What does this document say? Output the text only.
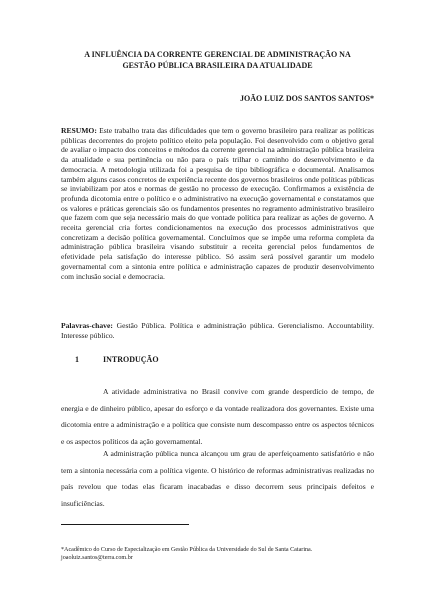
A INFLUÊNCIA DA CORRENTE GERENCIAL DE ADMINISTRAÇÃO NA
GESTÃO PÚBLICA BRASILEIRA DA ATUALIDADE
JOÃO LUIZ DOS SANTOS SANTOS*
RESUMO: Este trabalho trata das dificuldades que tem o governo brasileiro para realizar as políticas públicas decorrentes do projeto político eleito pela população. Foi desenvolvido com o objetivo geral de avaliar o impacto dos conceitos e métodos da corrente gerencial na administração pública brasileira da atualidade e sua pertinência ou não para o país trilhar o caminho do desenvolvimento e da democracia. A metodologia utilizada foi a pesquisa de tipo bibliográfica e documental. Analisamos também alguns casos concretos de experiência recente dos governos brasileiros onde políticas públicas se inviabilizam por atos e normas de gestão no processo de execução. Confirmamos a existência de profunda dicotomia entre o político e o administrativo na execução governamental e constatamos que os valores e práticas gerenciais são os fundamentos presentes no regramento administrativo brasileiro que fazem com que seja necessário mais do que vontade política para realizar as ações de governo. A receita gerencial cria fortes condicionamentos na execução dos processos administrativos que concretizam a decisão política governamental. Concluímos que se impõe uma reforma completa da administração pública brasileira visando substituir a receita gerencial pelos fundamentos de efetividade pela satisfação do interesse público. Só assim será possível garantir um modelo governamental com a sintonia entre política e administração capazes de produzir desenvolvimento com inclusão social e democracia.
Palavras-chave: Gestão Pública. Política e administração pública. Gerencialismo. Accountability. Interesse público.
1	INTRODUÇÃO
A atividade administrativa no Brasil convive com grande desperdício de tempo, de energia e de dinheiro público, apesar do esforço e da vontade realizadora dos governantes. Existe uma dicotomia entre a administração e a política que consiste num descompasso entre os aspectos técnicos e os aspectos políticos da ação governamental.
A administração pública nunca alcançou um grau de aperfeiçoamento satisfatório e não tem a sintonia necessária com a política vigente. O histórico de reformas administrativas realizadas no país revelou que todas elas ficaram inacabadas e disso decorrem seus principais defeitos e insuficiências.
*Acadêmico do Curso de Especialização em Gestão Pública da Universidade do Sul de Santa Catarina.
joaoluiz.santos@terra.com.br
